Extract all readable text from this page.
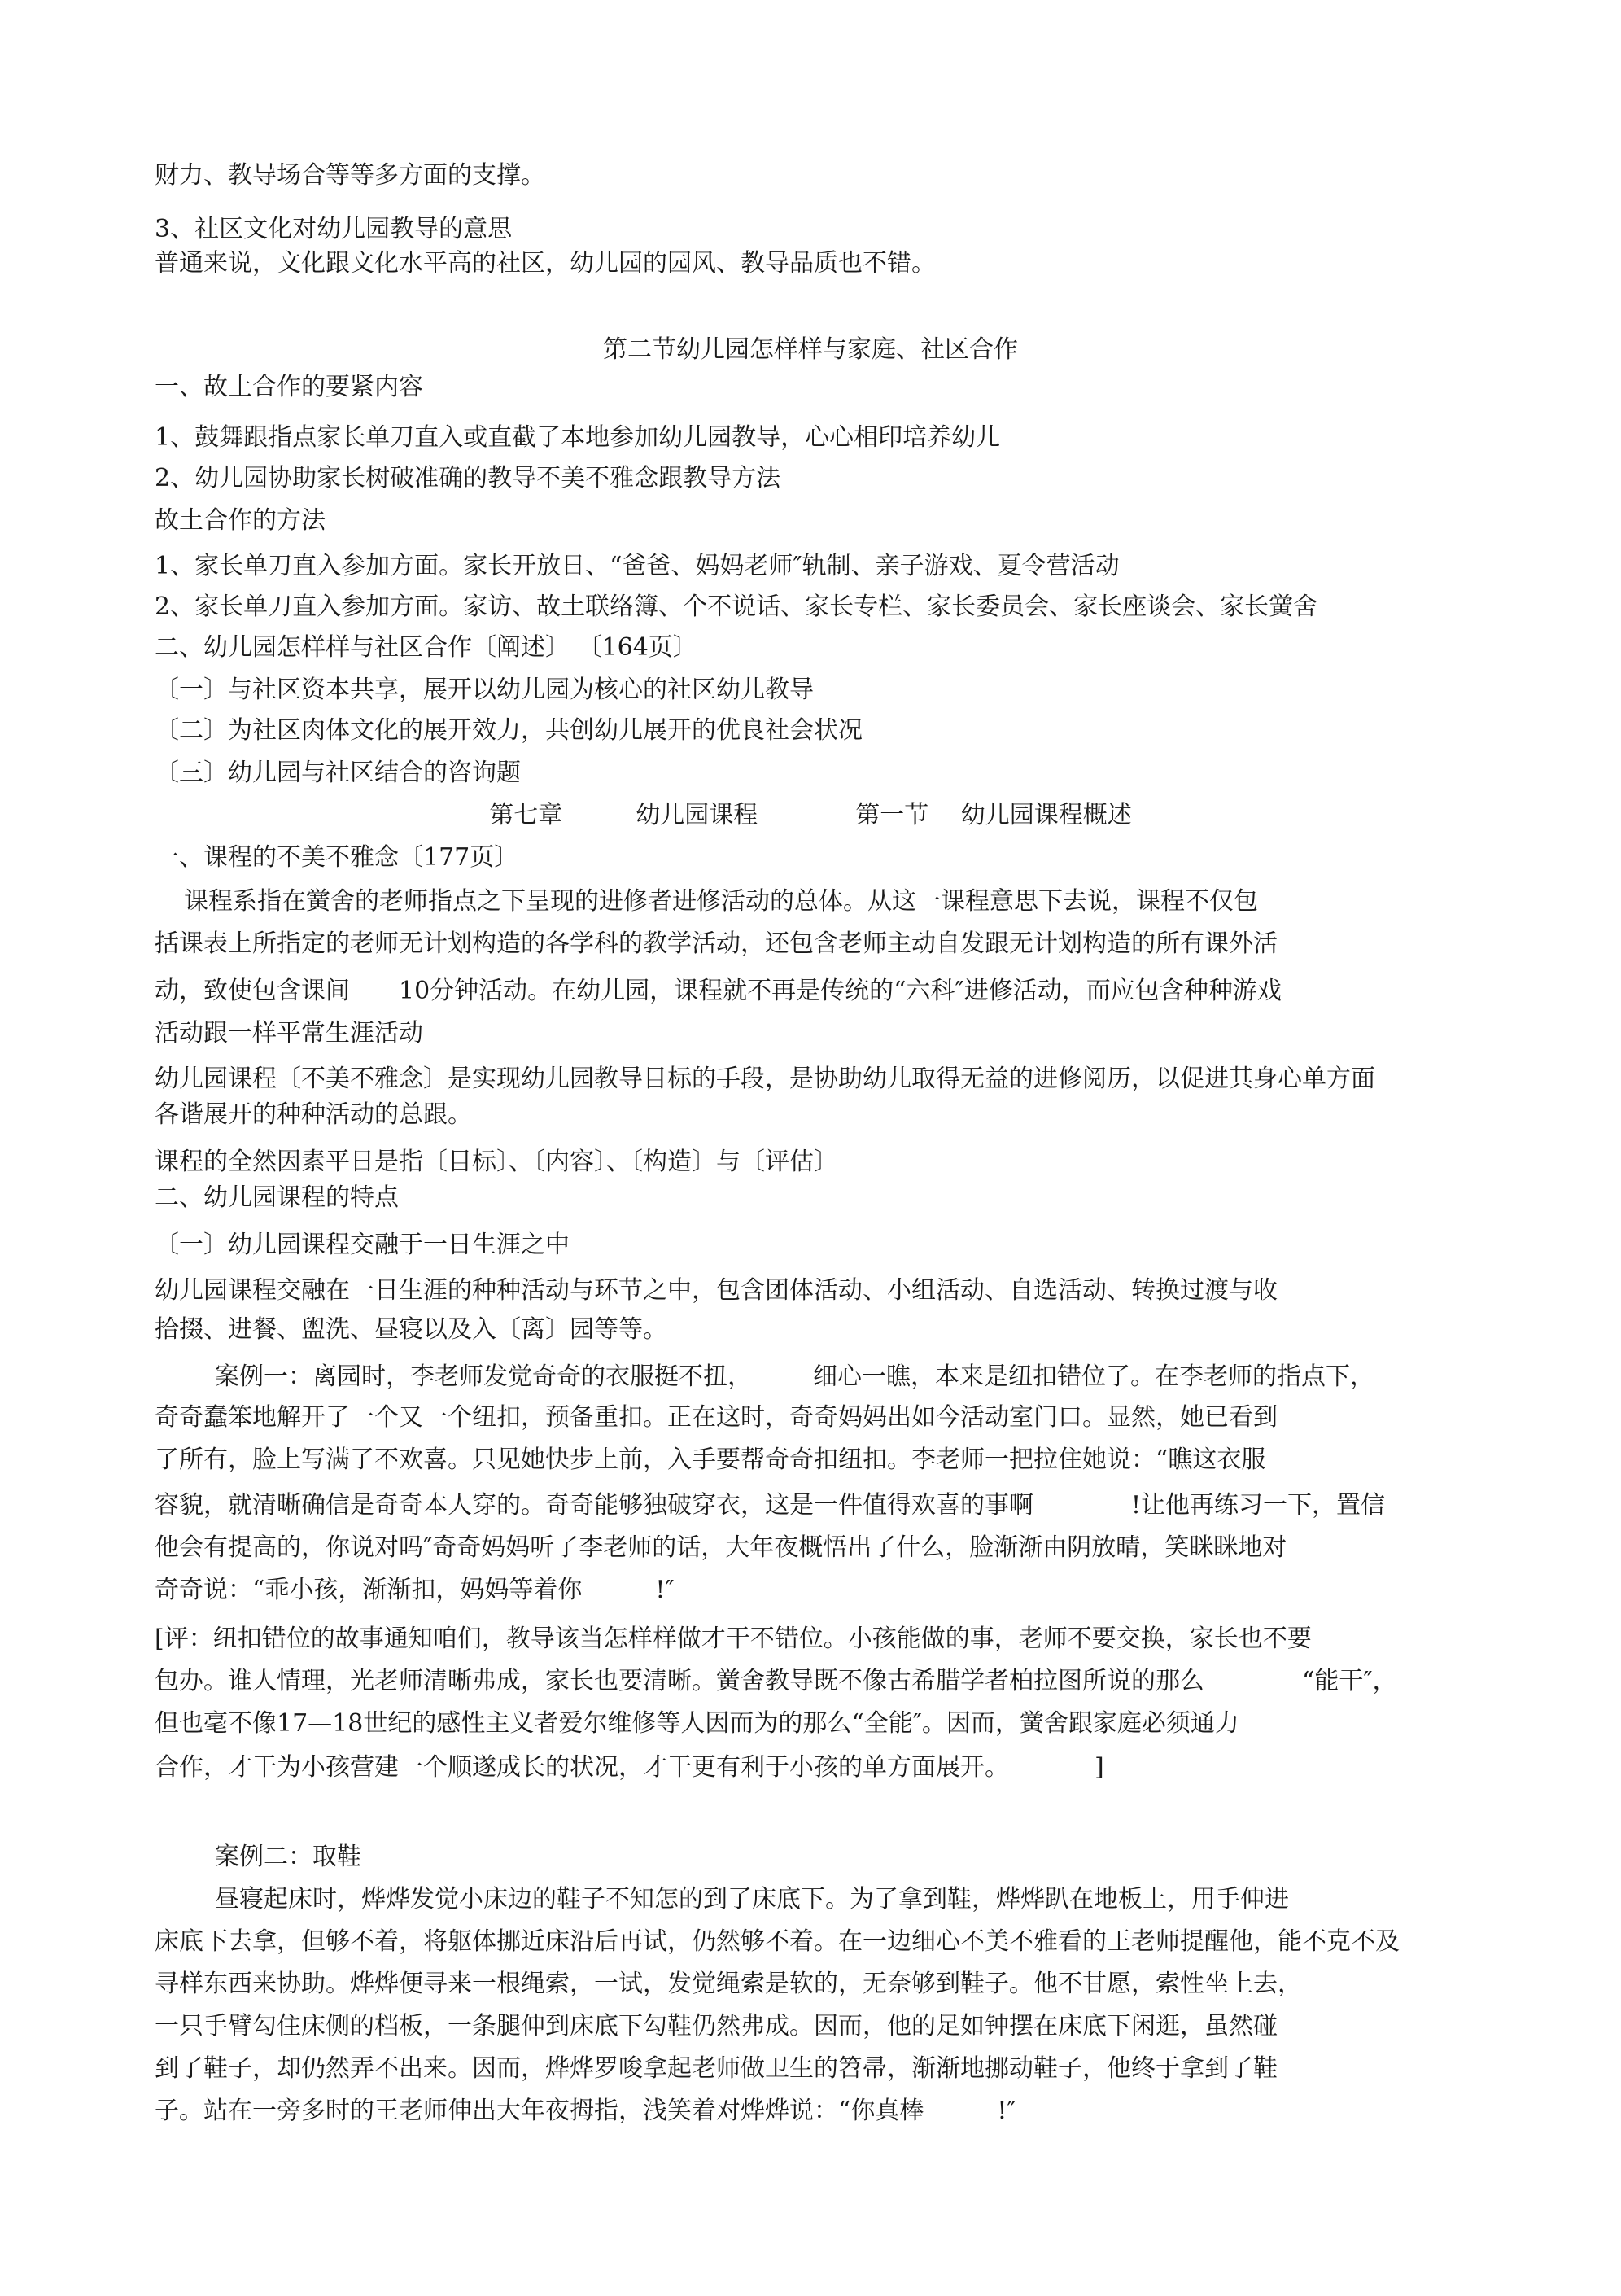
财力、教导场合等等多方面的支撑。
3、社区文化对幼儿园教导的意思
普通来说，文化跟文化水平高的社区，幼儿园的园风、教导品质也不错。
第二节幼儿园怎样样与家庭、社区合作
一、故土合作的要紧内容
1、鼓舞跟指点家长单刀直入或直截了本地参加幼儿园教导，心心相印培养幼儿
2、幼儿园协助家长树破准确的教导不美不雅念跟教导方法
故土合作的方法
1、家长单刀直入参加方面。家长开放日、“爸爸、妈妈老师″轨制、亲子游戏、夏令营活动
2、家长单刀直入参加方面。家访、故土联络簿、个不说话、家长专栏、家长委员会、家长座谈会、家长黉舍
二、幼儿园怎样样与社区合作〔阐述〕 〔164页〕
〔一〕与社区资本共享，展开以幼儿园为核心的社区幼儿教导
〔二〕为社区肉体文化的展开效力，共创幼儿展开的优良社会状况
〔三〕幼儿园与社区结合的咨询题
第七章　　　幼儿园课程　　　　第一节　 幼儿园课程概述
一、课程的不美不雅念〔177页〕
课程系指在黉舍的老师指点之下呈现的进修者进修活动的总体。从这一课程意思下去说，课程不仅包
括课表上所指定的老师无计划构造的各学科的教学活动，还包含老师主动自发跟无计划构造的所有课外活
动，致使包含课间　　10分钟活动。在幼儿园，课程就不再是传统的“六科″进修活动，而应包含种种游戏
活动跟一样平常生涯活动
幼儿园课程〔不美不雅念〕是实现幼儿园教导目标的手段，是协助幼儿取得无益的进修阅历，以促进其身心单方面
各谐展开的种种活动的总跟。
课程的全然因素平日是指〔目标〕、〔内容〕、〔构造〕与〔评估〕
二、幼儿园课程的特点
〔一〕幼儿园课程交融于一日生涯之中
幼儿园课程交融在一日生涯的种种活动与环节之中，包含团体活动、小组活动、自选活动、转换过渡与收
拾掇、进餐、盥洗、昼寝以及入〔离〕园等等。
案例一：离园时，李老师发觉奇奇的衣服挺不扭，　　　细心一瞧，本来是纽扣错位了。在李老师的指点下，
奇奇蠢笨地解开了一个又一个纽扣，预备重扣。正在这时，奇奇妈妈出如今活动室门口。显然，她已看到
了所有，脸上写满了不欢喜。只见她快步上前，入手要帮奇奇扣纽扣。李老师一把拉住她说：“瞧这衣服
容貌，就清晰确信是奇奇本人穿的。奇奇能够独破穿衣，这是一件值得欢喜的事啊　　　　!让他再练习一下，置信
他会有提高的，你说对吗″奇奇妈妈听了李老师的话，大年夜概悟出了什么，脸渐渐由阴放晴，笑眯眯地对
奇奇说：“乖小孩，渐渐扣，妈妈等着你　　　!″
[评：纽扣错位的故事通知咱们，教导该当怎样样做才干不错位。小孩能做的事，老师不要交换，家长也不要
包办。谁人情理，光老师清晰弗成，家长也要清晰。黉舍教导既不像古希腊学者柏拉图所说的那么　　　　“能干″，
但也毫不像17—18世纪的感性主义者爱尔维修等人因而为的那么“全能″。因而，黉舍跟家庭必须通力
合作，才干为小孩营建一个顺遂成长的状况，才干更有利于小孩的单方面展开。　　　　]
案例二：取鞋
昼寝起床时，烨烨发觉小床边的鞋子不知怎的到了床底下。为了拿到鞋，烨烨趴在地板上，用手伸进
床底下去拿，但够不着，将躯体挪近床沿后再试，仍然够不着。在一边细心不美不雅看的王老师提醒他，能不克不及
寻样东西来协助。烨烨便寻来一根绳索，一试，发觉绳索是软的，无奈够到鞋子。他不甘愿，索性坐上去，
一只手臂勾住床侧的档板，一条腿伸到床底下勾鞋仍然弗成。因而，他的足如钟摆在床底下闲逛，虽然碰
到了鞋子，却仍然弄不出来。因而，烨烨罗唆拿起老师做卫生的笤帚，渐渐地挪动鞋子，他终于拿到了鞋
子。站在一旁多时的王老师伸出大年夜拇指，浅笑着对烨烨说：“你真棒　　　!″
